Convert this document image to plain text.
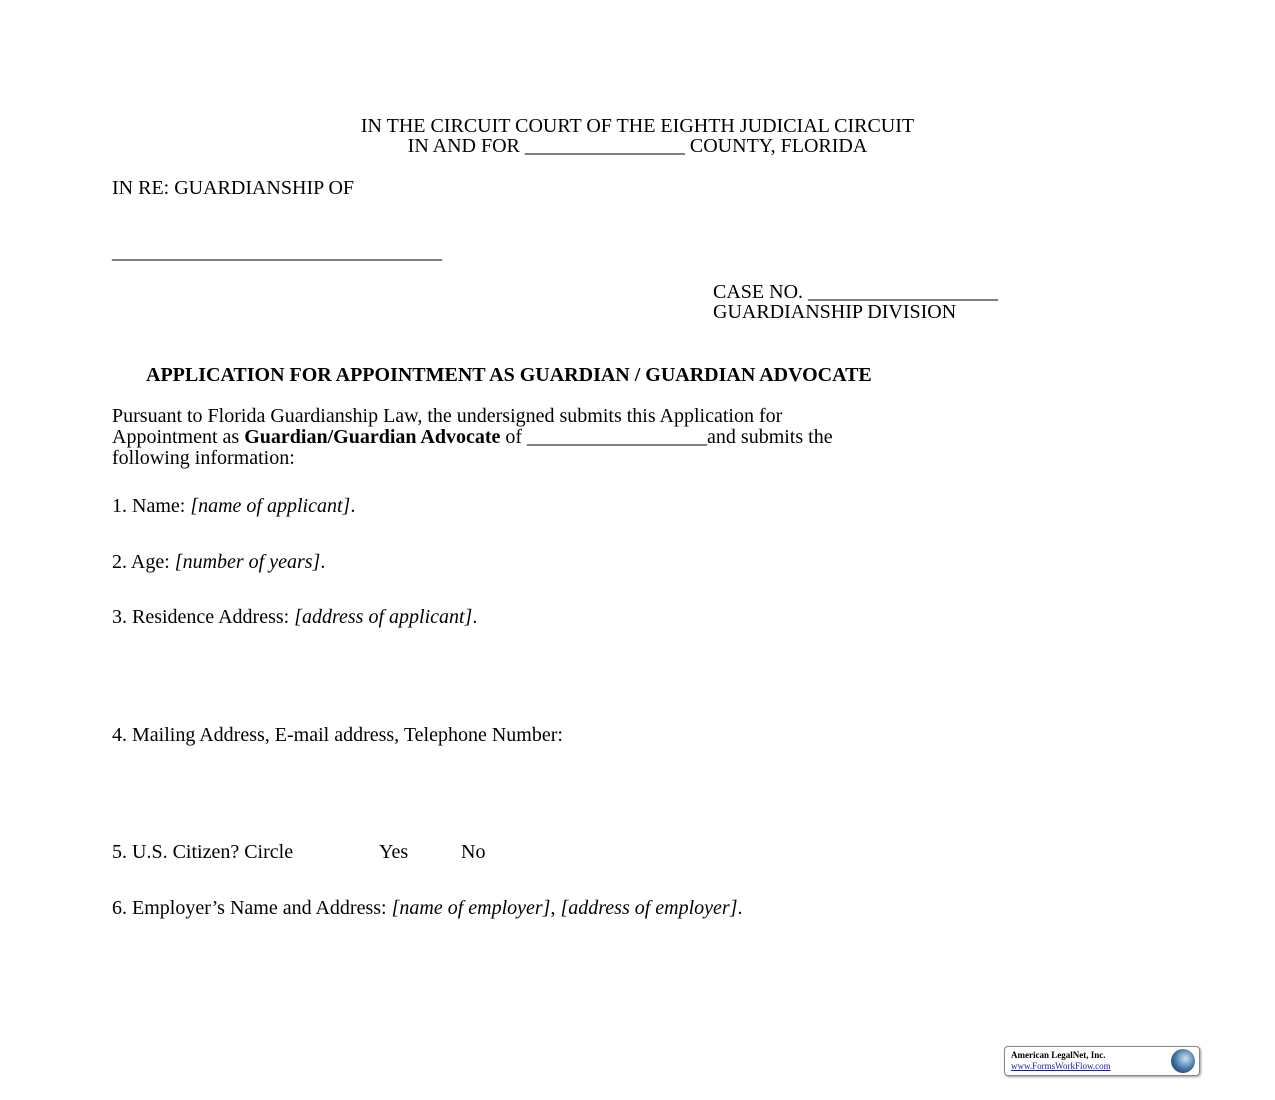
IN THE CIRCUIT COURT OF THE EIGHTH JUDICIAL CIRCUIT
IN AND FOR ________________ COUNTY, FLORIDA
IN RE: GUARDIANSHIP OF
_________________________________
CASE NO. ___________________
GUARDIANSHIP DIVISION
APPLICATION FOR APPOINTMENT AS GUARDIAN / GUARDIAN ADVOCATE
Pursuant to Florida Guardianship Law, the undersigned submits this Application for
Appointment as Guardian/Guardian Advocate of __________________and submits the
following information:
1. Name: [name of applicant].
2. Age: [number of years].
3. Residence Address: [address of applicant].
4. Mailing Address, E-mail address, Telephone Number:
5. U.S. Citizen? Circle	Yes	No
6. Employer’s Name and Address: [name of employer], [address of employer].
American LegalNet, Inc.
www.FormsWorkFlow.com
